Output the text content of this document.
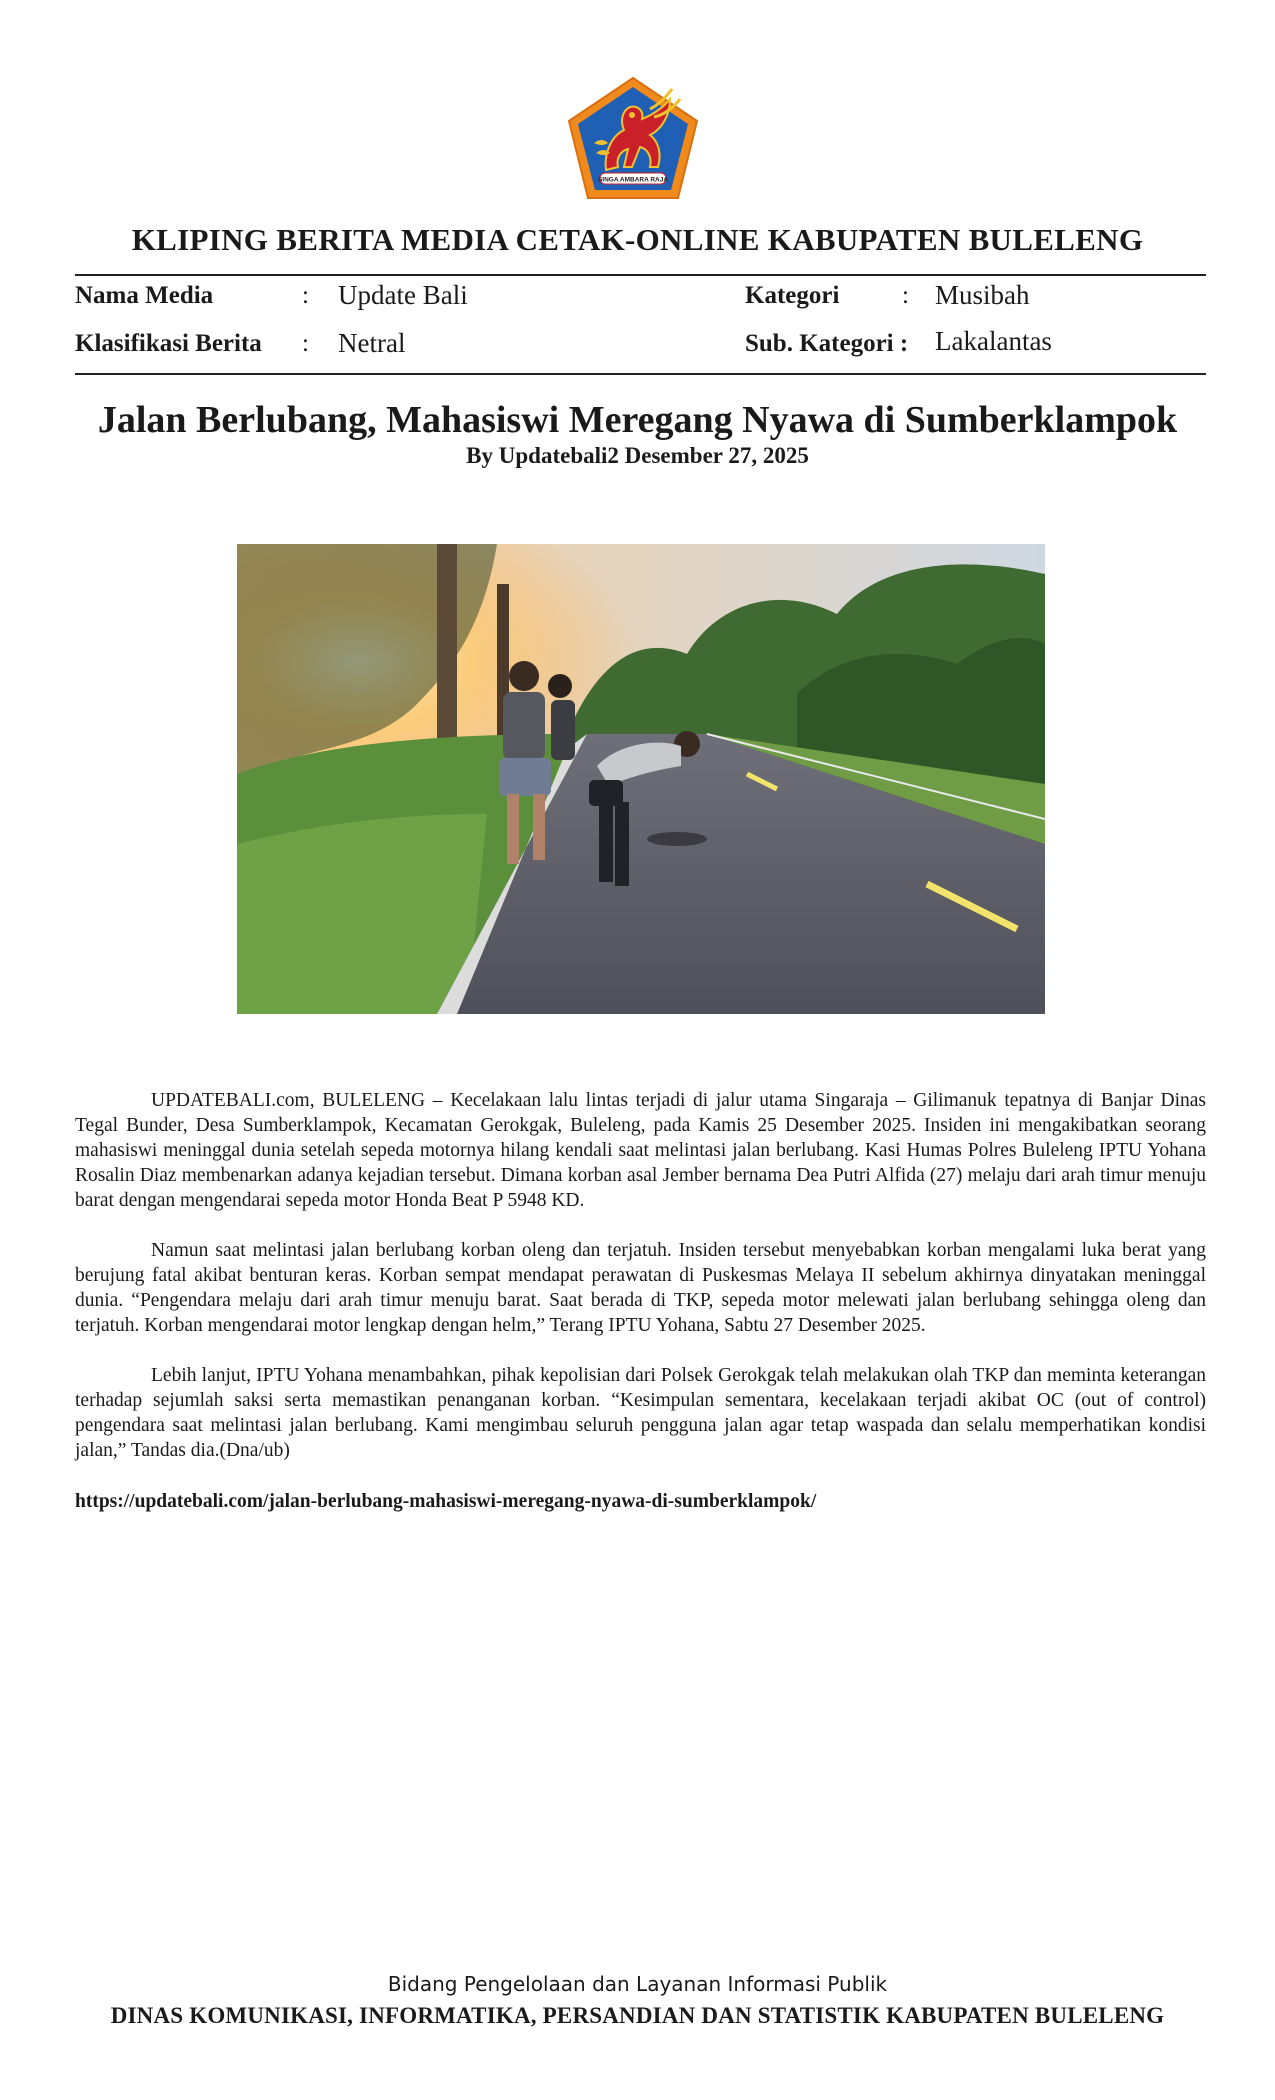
SINGA AMBARA RAJA
KLIPING BERITA MEDIA CETAK-ONLINE KABUPATEN BULELENG
Nama Media	: Update Bali	Kategori	: Musibah
Klasifikasi Berita : Netral	Sub. Kategori : Lakalantas
Jalan Berlubang, Mahasiswi Meregang Nyawa di Sumberklampok
By Updatebali2 Desember 27, 2025

UPDATEBALI.com, BULELENG – Kecelakaan lalu lintas terjadi di jalur utama Singaraja – Gilimanuk tepatnya di Banjar Dinas Tegal Bunder, Desa Sumberklampok, Kecamatan Gerokgak, Buleleng, pada Kamis 25 Desember 2025. Insiden ini mengakibatkan seorang mahasiswi meninggal dunia setelah sepeda motornya hilang kendali saat melintasi jalan berlubang. Kasi Humas Polres Buleleng IPTU Yohana Rosalin Diaz membenarkan adanya kejadian tersebut. Dimana korban asal Jember bernama Dea Putri Alfida (27) melaju dari arah timur menuju barat dengan mengendarai sepeda motor Honda Beat P 5948 KD.

Namun saat melintasi jalan berlubang korban oleng dan terjatuh. Insiden tersebut menyebabkan korban mengalami luka berat yang berujung fatal akibat benturan keras. Korban sempat mendapat perawatan di Puskesmas Melaya II sebelum akhirnya dinyatakan meninggal dunia. “Pengendara melaju dari arah timur menuju barat. Saat berada di TKP, sepeda motor melewati jalan berlubang sehingga oleng dan terjatuh. Korban mengendarai motor lengkap dengan helm,” Terang IPTU Yohana, Sabtu 27 Desember 2025.

Lebih lanjut, IPTU Yohana menambahkan, pihak kepolisian dari Polsek Gerokgak telah melakukan olah TKP dan meminta keterangan terhadap sejumlah saksi serta memastikan penanganan korban. “Kesimpulan sementara, kecelakaan terjadi akibat OC (out of control) pengendara saat melintasi jalan berlubang. Kami mengimbau seluruh pengguna jalan agar tetap waspada dan selalu memperhatikan kondisi jalan,” Tandas dia.(Dna/ub)

https://updatebali.com/jalan-berlubang-mahasiswi-meregang-nyawa-di-sumberklampok/
Bidang Pengelolaan dan Layanan Informasi Publik
DINAS KOMUNIKASI, INFORMATIKA, PERSANDIAN DAN STATISTIK KABUPATEN BULELENG
